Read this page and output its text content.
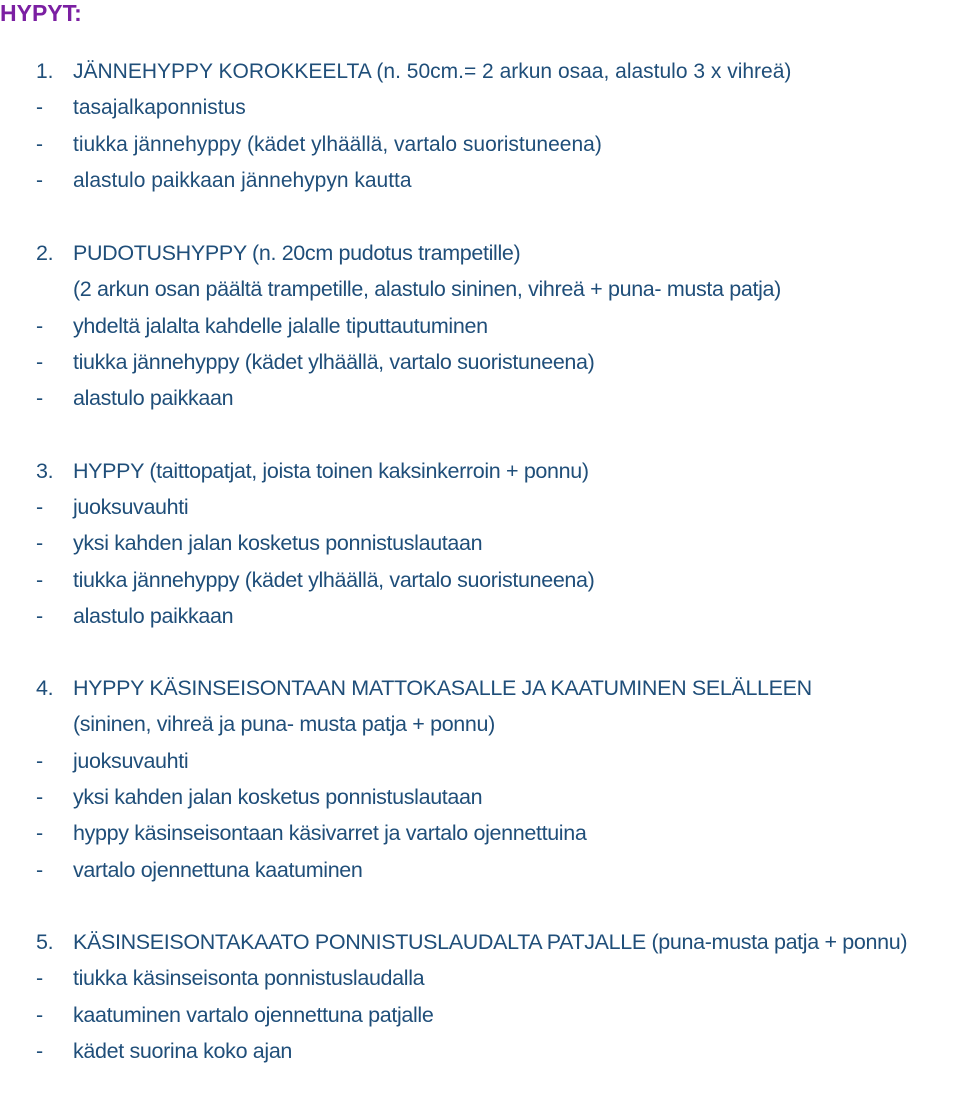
HYPYT:
1. JÄNNEHYPPY KOROKKEELTA (n. 50cm.= 2 arkun osaa, alastulo 3 x vihreä)
-	tasajalkaponnistus
-	tiukka jännehyppy (kädet ylhäällä, vartalo suoristuneena)
-	alastulo paikkaan jännehypyn kautta
2. PUDOTUSHYPPY (n. 20cm pudotus trampetille)
(2 arkun osan päältä trampetille, alastulo sininen, vihreä + puna- musta patja)
-	yhdeltä jalalta kahdelle jalalle tiputtautuminen
-	tiukka jännehyppy (kädet ylhäällä, vartalo suoristuneena)
-	alastulo paikkaan
3. HYPPY (taittopatjat, joista toinen kaksinkerroin + ponnu)
-	juoksuvauhti
-	yksi kahden jalan kosketus ponnistuslautaan
-	tiukka jännehyppy (kädet ylhäällä, vartalo suoristuneena)
-	alastulo paikkaan
4. HYPPY KÄSINSEISONTAAN MATTOKASALLE JA KAATUMINEN SELÄLLEEN
(sininen, vihreä ja puna- musta patja + ponnu)
-	juoksuvauhti
-	yksi kahden jalan kosketus ponnistuslautaan
-	hyppy käsinseisontaan käsivarret ja vartalo ojennettuina
-	vartalo ojennettuna kaatuminen
5. KÄSINSEISONTAKAATO PONNISTUSLAUDALTA PATJALLE (puna-musta patja + ponnu)
-	tiukka käsinseisonta ponnistuslaudalla
-	kaatuminen vartalo ojennettuna patjalle
-	kädet suorina koko ajan
